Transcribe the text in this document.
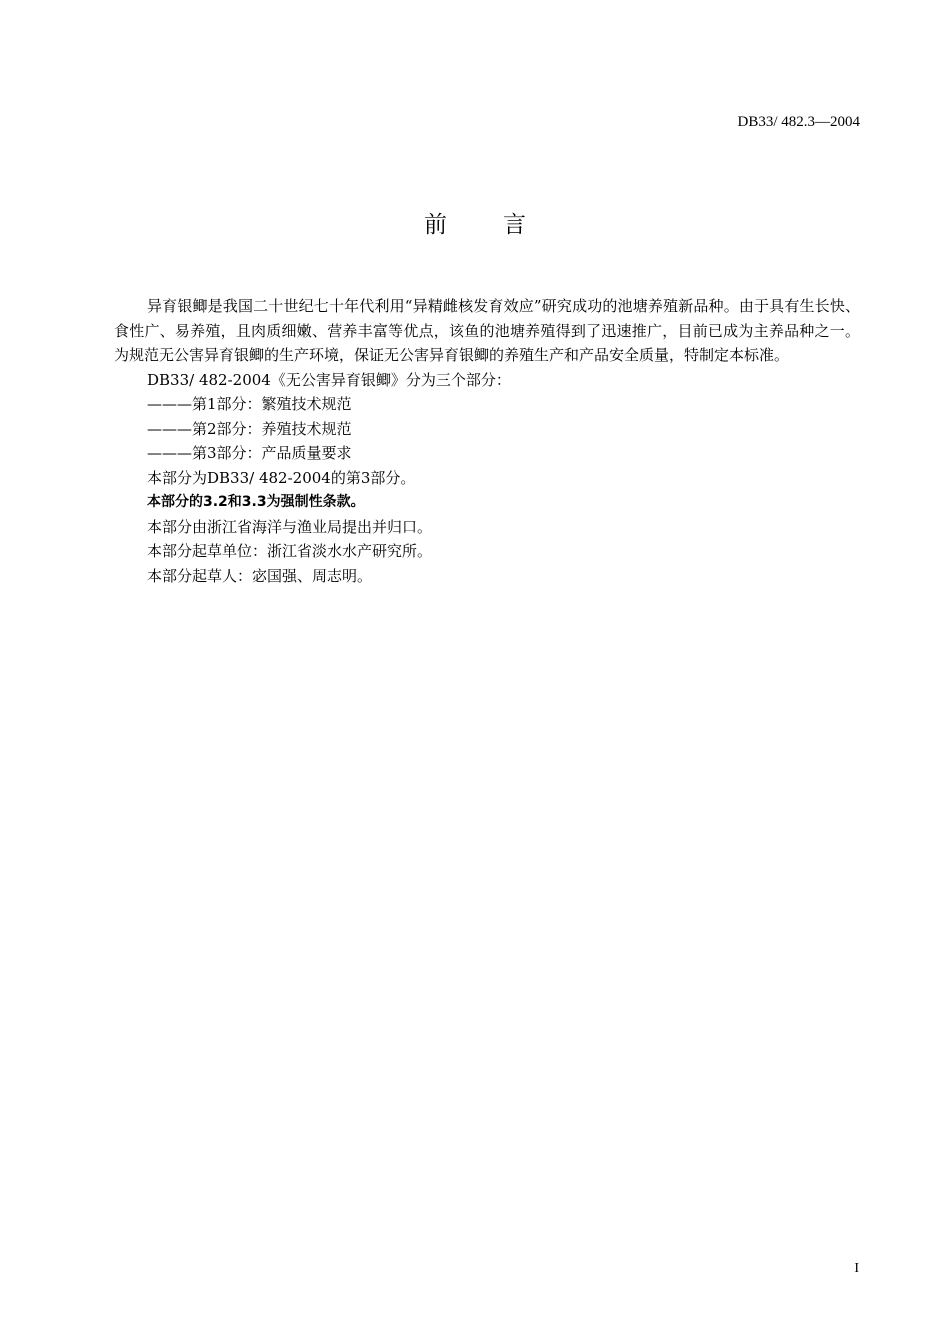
DB33/ 482.3—2004
前 言

异育银鲫是我国二十世纪七十年代利用“异精雌核发育效应”研究成功的池塘养殖新品种。由于具有生长快、食性广、易养殖，且肉质细嫩、营养丰富等优点，该鱼的池塘养殖得到了迅速推广，目前已成为主养品种之一。为规范无公害异育银鲫的生产环境，保证无公害异育银鲫的养殖生产和产品安全质量，特制定本标准。

DB33/ 482-2004《无公害异育银鲫》分为三个部分：

———第1部分：繁殖技术规范

———第2部分：养殖技术规范

———第3部分：产品质量要求

本部分为DB33/ 482-2004的第3部分。

本部分的3.2和3.3为强制性条款。

本部分由浙江省海洋与渔业局提出并归口。

本部分起草单位：浙江省淡水水产研究所。

本部分起草人：宓国强、周志明。

I
